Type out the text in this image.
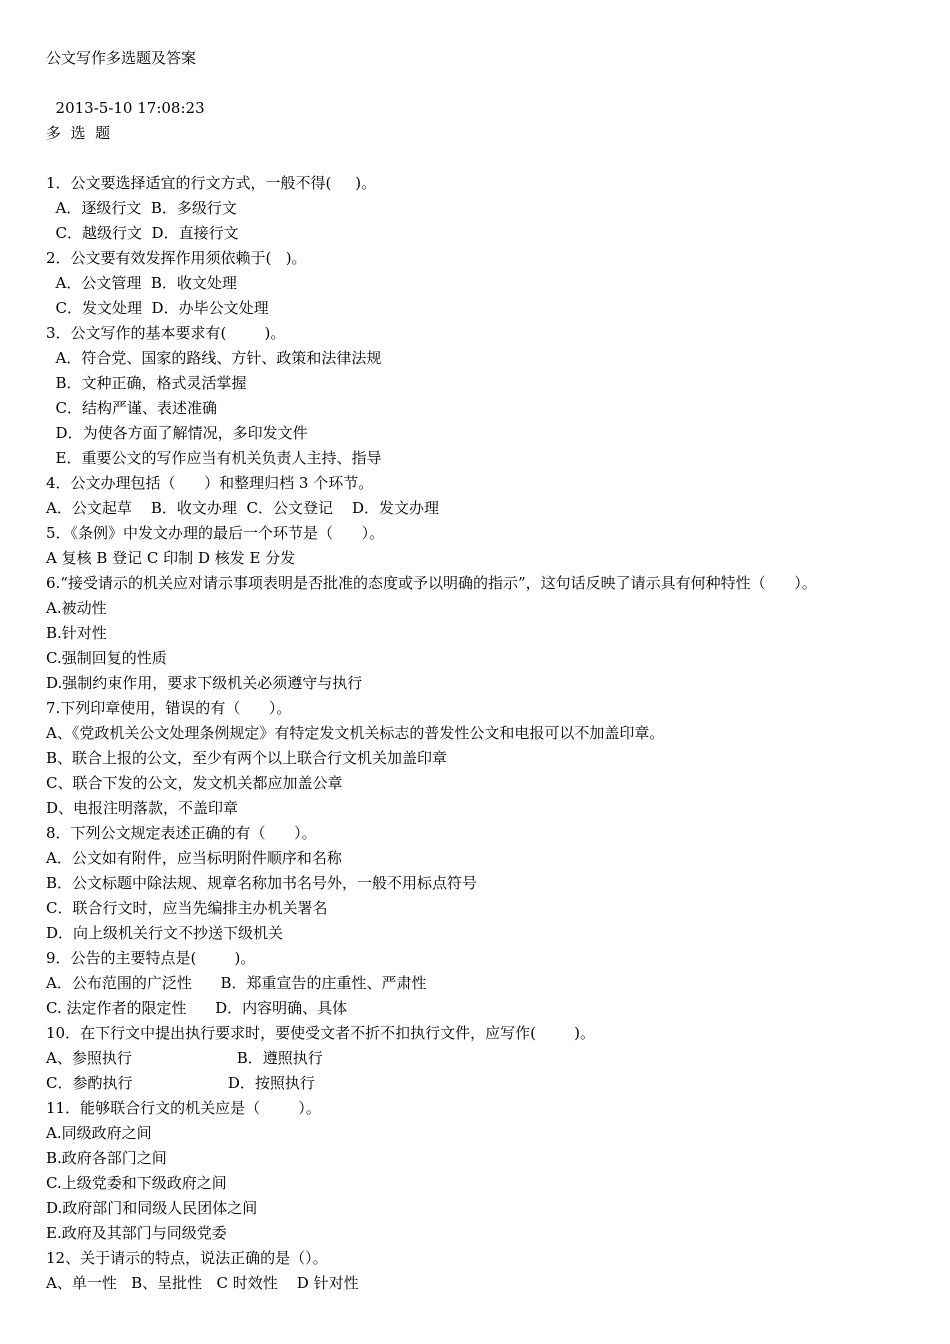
公文写作多选题及答案
2013-5-10 17:08:23
多  选  题
1．公文要选择适宜的行文方式，一般不得(     )。
A．逐级行文  B．多级行文
C．越级行文  D．直接行文
2．公文要有效发挥作用须依赖于(   )。
A．公文管理  B．收文处理
C．发文处理  D．办毕公文处理
3．公文写作的基本要求有(        )。
A．符合党、国家的路线、方针、政策和法律法规
B．文种正确，格式灵活掌握
C．结构严谨、表述准确
D．为使各方面了解情况，多印发文件
E．重要公文的写作应当有机关负责人主持、指导
4．公文办理包括（      ）和整理归档 3 个环节。
A．公文起草    B．收文办理  C．公文登记    D．发文办理
5．《条例》中发文办理的最后一个环节是（      ）。
A 复核 B 登记 C 印制 D 核发 E 分发
6.“接受请示的机关应对请示事项表明是否批准的态度或予以明确的指示”，这句话反映了请示具有何种特性（      ）。
A.被动性
B.针对性
C.强制回复的性质
D.强制约束作用，要求下级机关必须遵守与执行
7.下列印章使用，错误的有（      ）。
A、《党政机关公文处理条例规定》有特定发文机关标志的普发性公文和电报可以不加盖印章。
B、联合上报的公文，至少有两个以上联合行文机关加盖印章
C、联合下发的公文，发文机关都应加盖公章
D、电报注明落款，不盖印章
8．下列公文规定表述正确的有（      ）。
A．公文如有附件，应当标明附件顺序和名称
B．公文标题中除法规、规章名称加书名号外，一般不用标点符号
C．联合行文时，应当先编排主办机关署名
D．向上级机关行文不抄送下级机关
9．公告的主要特点是(        )。
A．公布范围的广泛性      B．郑重宣告的庄重性、严肃性
C. 法定作者的限定性      D．内容明确、具体
10．在下行文中提出执行要求时，要使受文者不折不扣执行文件，应写作(        )。
A、参照执行                      B．遵照执行
C．参酌执行                    D．按照执行
11．能够联合行文的机关应是（        ）。
A.同级政府之间
B.政府各部门之间
C.上级党委和下级政府之间
D.政府部门和同级人民团体之间
E.政府及其部门与同级党委
12、关于请示的特点，说法正确的是（）。
A、单一性   B、呈批性   C 时效性    D 针对性
